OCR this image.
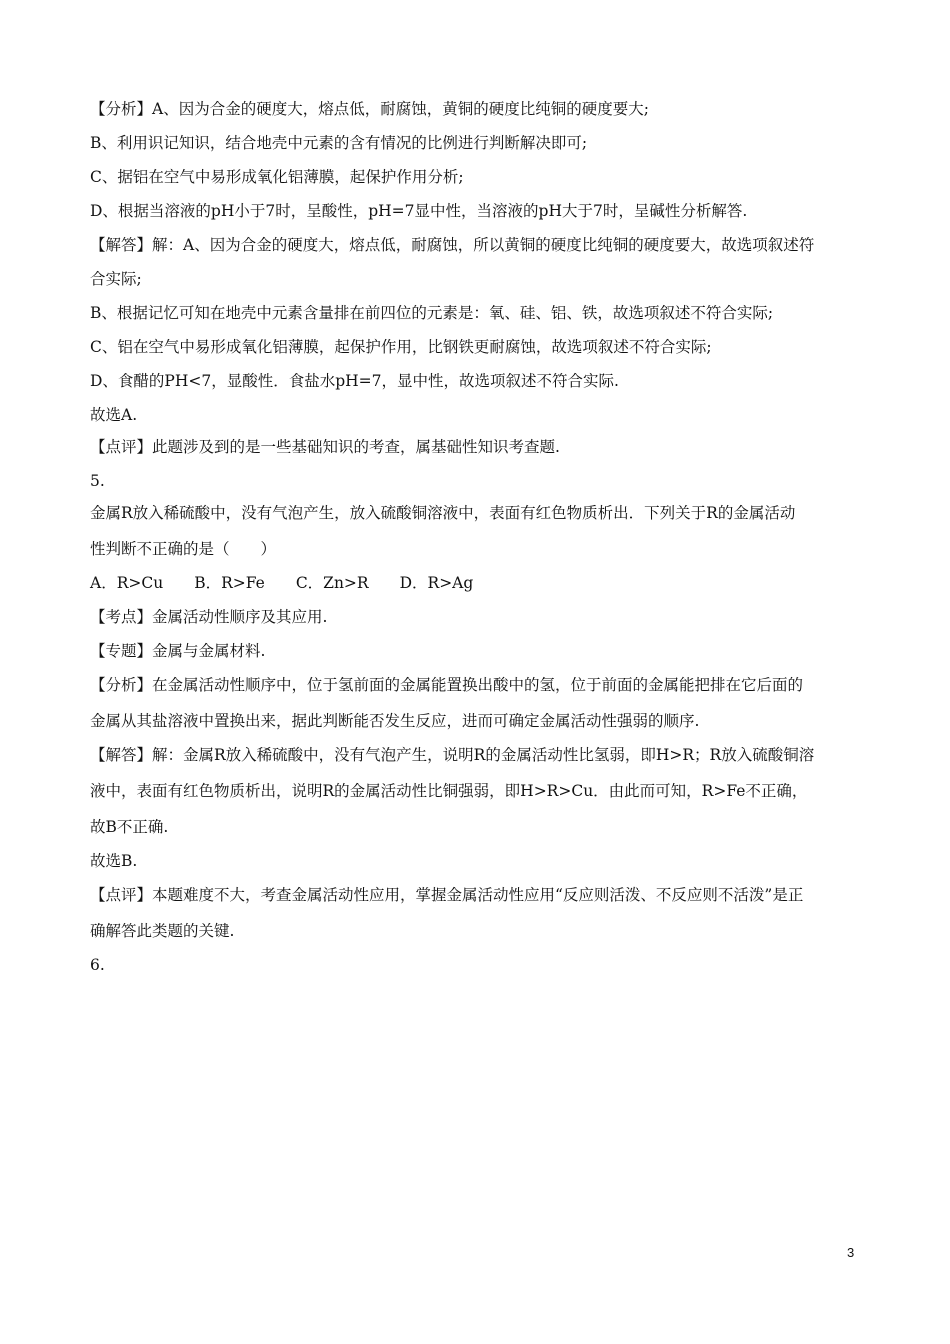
【分析】A、因为合金的硬度大，熔点低，耐腐蚀，黄铜的硬度比纯铜的硬度要大;
B、利用识记知识，结合地壳中元素的含有情况的比例进行判断解决即可;
C、据铝在空气中易形成氧化铝薄膜，起保护作用分析;
D、根据当溶液的pH小于7时，呈酸性，pH=7显中性，当溶液的pH大于7时，呈碱性分析解答.
【解答】解：A、因为合金的硬度大，熔点低，耐腐蚀，所以黄铜的硬度比纯铜的硬度要大，故选项叙述符
合实际;
B、根据记忆可知在地壳中元素含量排在前四位的元素是：氧、硅、铝、铁，故选项叙述不符合实际;
C、铝在空气中易形成氧化铝薄膜，起保护作用，比钢铁更耐腐蚀，故选项叙述不符合实际;
D、食醋的PH<7，显酸性．食盐水pH=7，显中性，故选项叙述不符合实际.
故选A.
【点评】此题涉及到的是一些基础知识的考查，属基础性知识考查题.
5.
金属R放入稀硫酸中，没有气泡产生，放入硫酸铜溶液中，表面有红色物质析出．下列关于R的金属活动
性判断不正确的是（　　）
A．R>Cu　　B．R>Fe　　C．Zn>R　　D．R>Ag
【考点】金属活动性顺序及其应用.
【专题】金属与金属材料.
【分析】在金属活动性顺序中，位于氢前面的金属能置换出酸中的氢，位于前面的金属能把排在它后面的
金属从其盐溶液中置换出来，据此判断能否发生反应，进而可确定金属活动性强弱的顺序.
【解答】解：金属R放入稀硫酸中，没有气泡产生，说明R的金属活动性比氢弱，即H>R；R放入硫酸铜溶
液中，表面有红色物质析出，说明R的金属活动性比铜强弱，即H>R>Cu．由此而可知，R>Fe不正确，
故B不正确.
故选B.
【点评】本题难度不大，考查金属活动性应用，掌握金属活动性应用“反应则活泼、不反应则不活泼”是正
确解答此类题的关键.
6.
3
